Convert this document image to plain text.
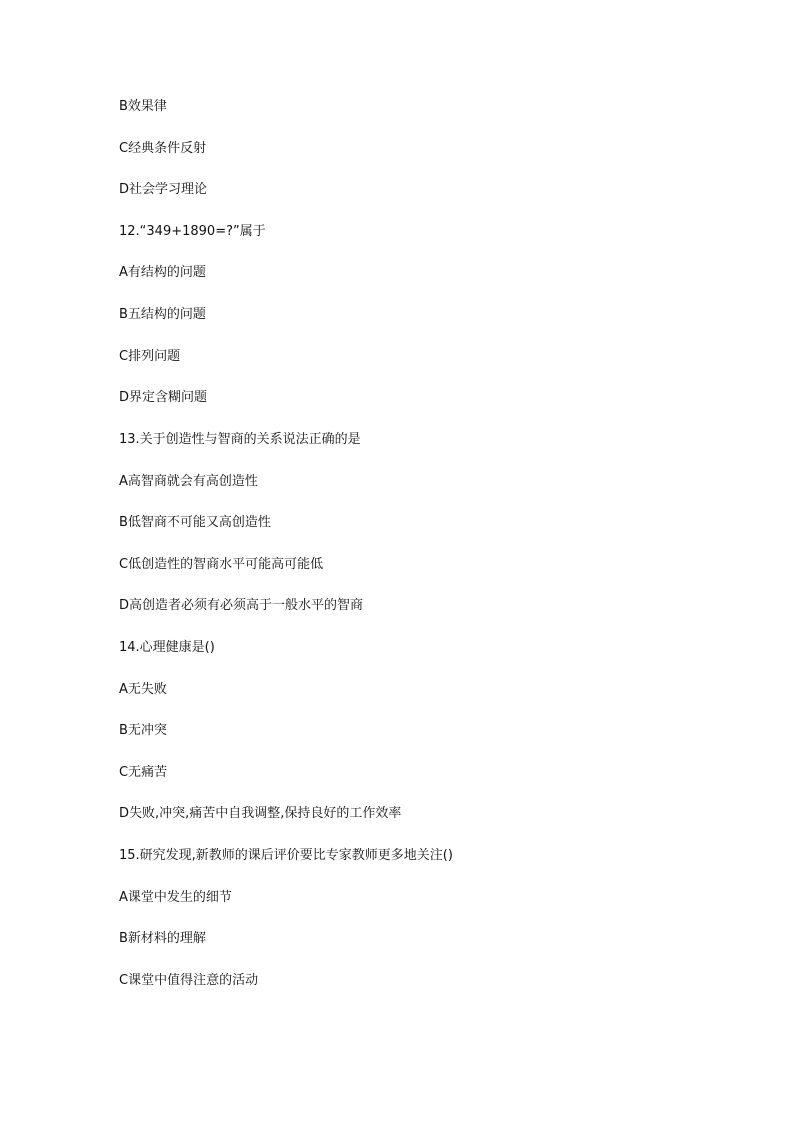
B效果律
C经典条件反射
D社会学习理论
12.“349+1890=?”属于
A有结构的问题
B五结构的问题
C排列问题
D界定含糊问题
13.关于创造性与智商的关系说法正确的是
A高智商就会有高创造性
B低智商不可能又高创造性
C低创造性的智商水平可能高可能低
D高创造者必须有必须高于一般水平的智商
14.心理健康是()
A无失败
B无冲突
C无痛苦
D失败,冲突,痛苦中自我调整,保持良好的工作效率
15.研究发现,新教师的课后评价要比专家教师更多地关注()
A课堂中发生的细节
B新材料的理解
C课堂中值得注意的活动
